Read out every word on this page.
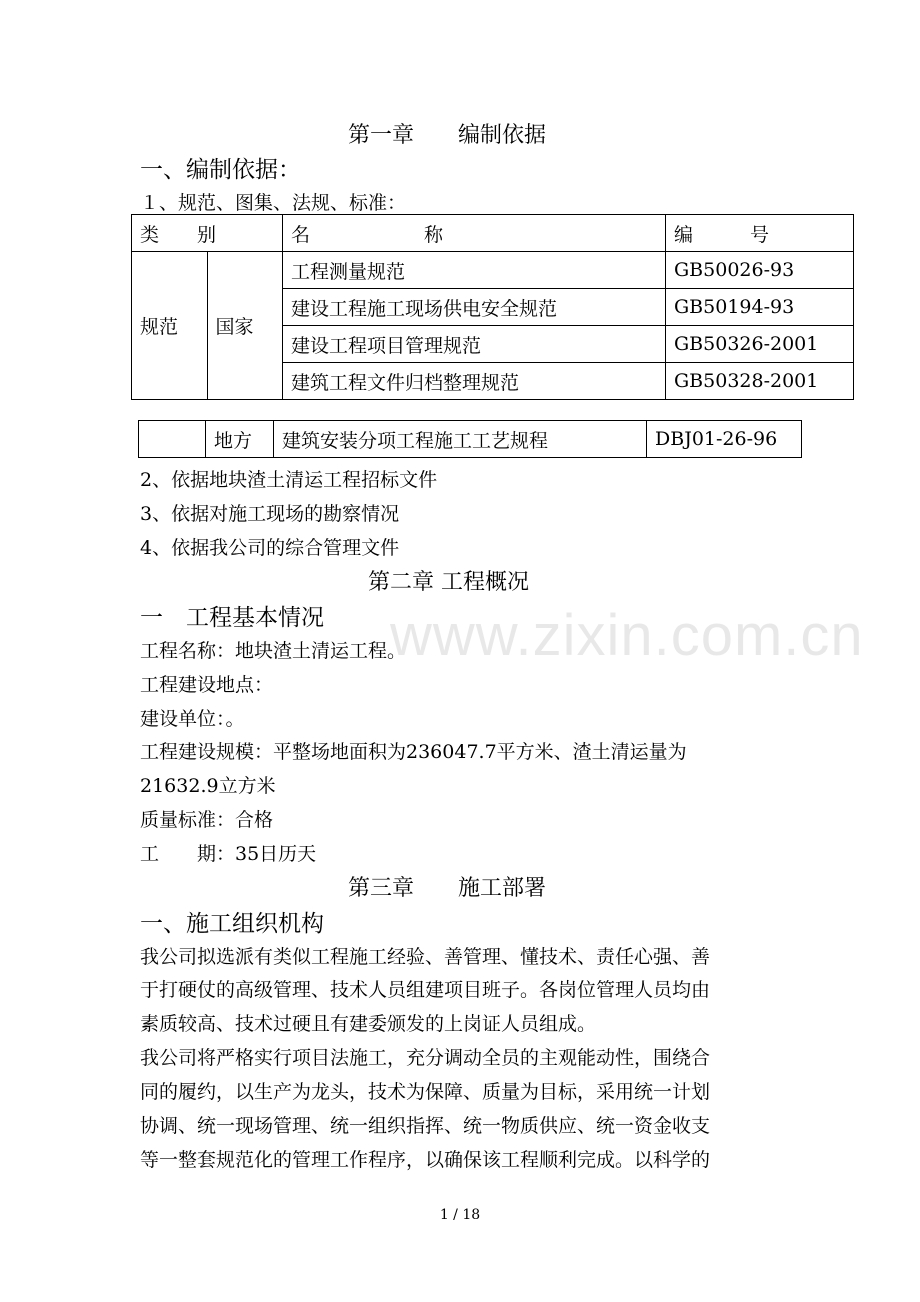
第一章　　编制依据
一、编制依据：
１、规范、图集、法规、标准：
类　　别		名　　　　　　称	编　　　号
规范	国家	工程测量规范	GB50026-93
		建设工程施工现场供电安全规范	GB50194-93
		建设工程项目管理规范	GB50326-2001
		建筑工程文件归档整理规范	GB50328-2001
	地方	建筑安装分项工程施工工艺规程	DBJ01-26-96
2、依据地块渣土清运工程招标文件
3、依据对施工现场的勘察情况
4、依据我公司的综合管理文件
www.zixin.com.cn
第二章 工程概况
一　工程基本情况
工程名称：地块渣土清运工程。
工程建设地点：
建设单位：。
工程建设规模：平整场地面积为236047.7平方米、渣土清运量为
21632.9立方米
质量标准：合格
工　　期：35日历天
第三章　　施工部署
一、施工组织机构
我公司拟选派有类似工程施工经验、善管理、懂技术、责任心强、善
于打硬仗的高级管理、技术人员组建项目班子。各岗位管理人员均由
素质较高、技术过硬且有建委颁发的上岗证人员组成。
我公司将严格实行项目法施工，充分调动全员的主观能动性，围绕合
同的履约，以生产为龙头，技术为保障、质量为目标，采用统一计划
协调、统一现场管理、统一组织指挥、统一物质供应、统一资金收支
等一整套规范化的管理工作程序，以确保该工程顺利完成。以科学的
1 / 18
